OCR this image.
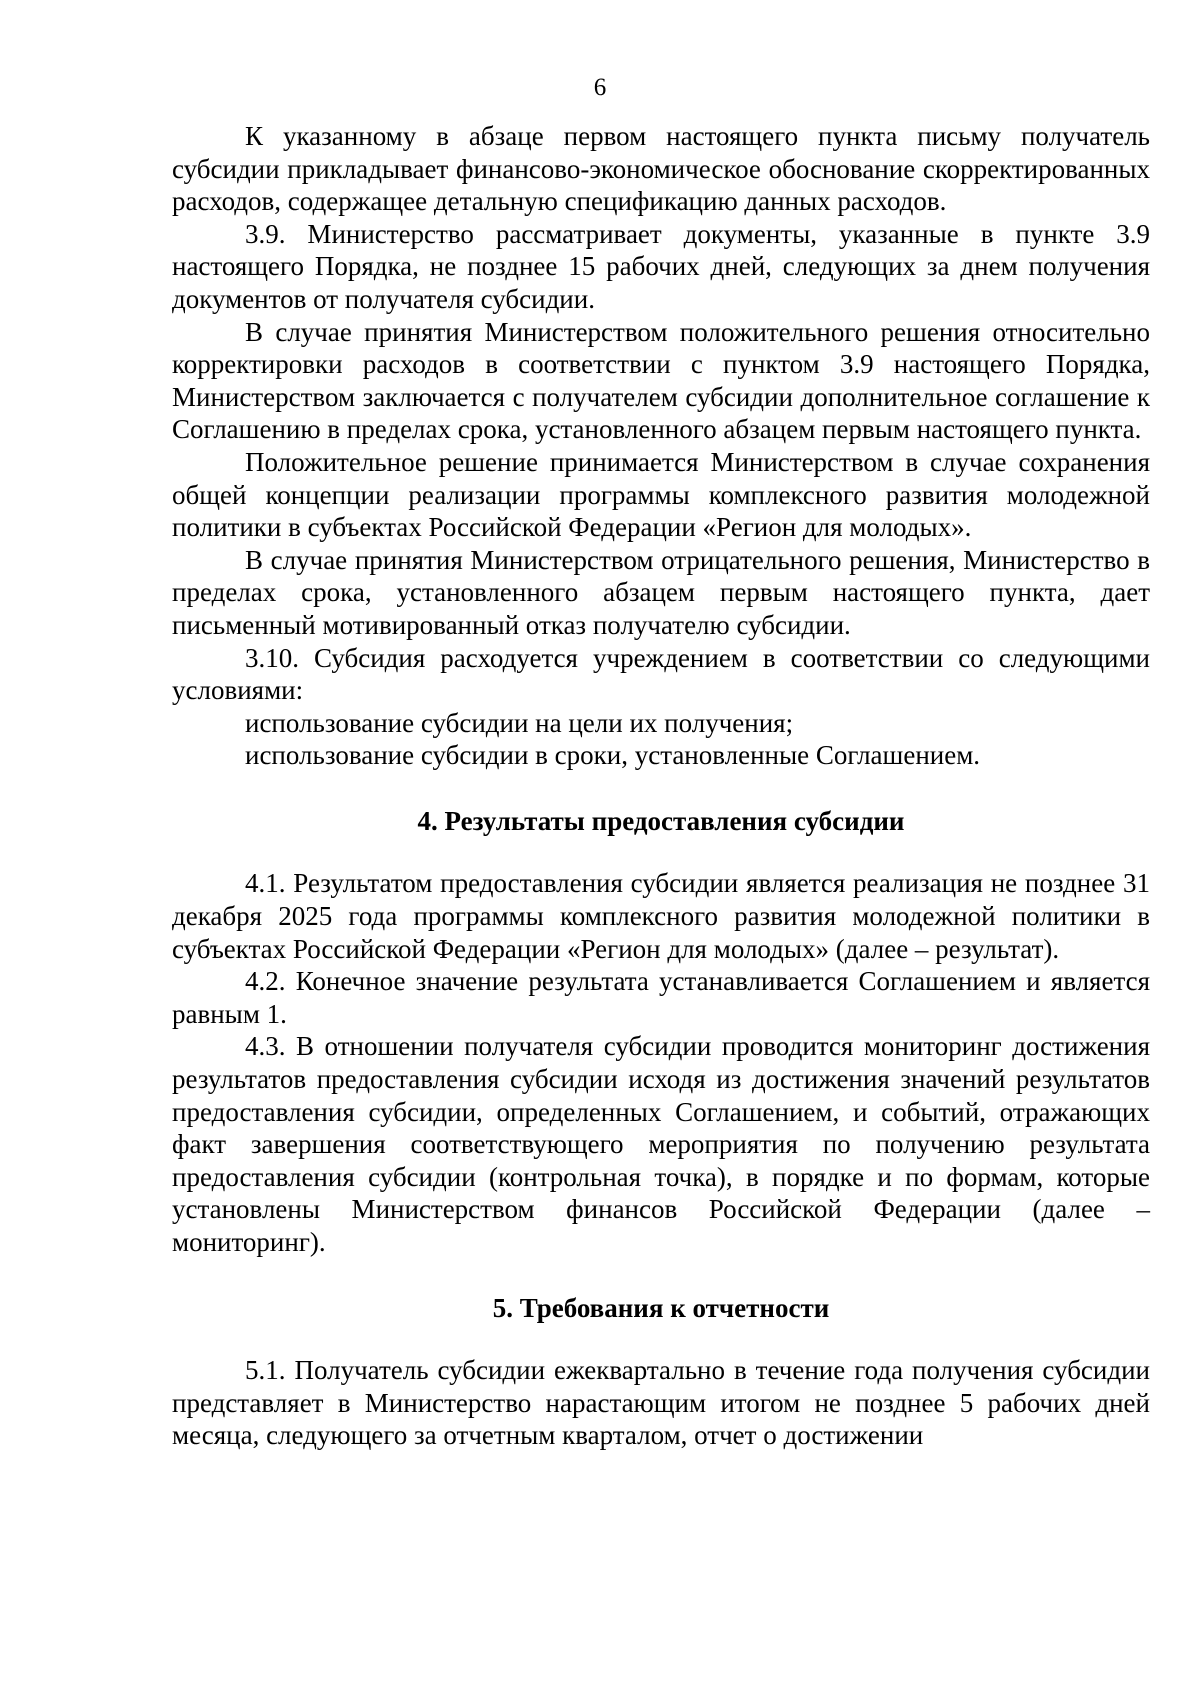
6

К указанному в абзаце первом настоящего пункта письму получатель субсидии прикладывает финансово-экономическое обоснование скорректированных расходов, содержащее детальную спецификацию данных расходов.

3.9. Министерство рассматривает документы, указанные в пункте 3.9 настоящего Порядка, не позднее 15 рабочих дней, следующих за днем получения документов от получателя субсидии.

В случае принятия Министерством положительного решения относительно корректировки расходов в соответствии с пунктом 3.9 настоящего Порядка, Министерством заключается с получателем субсидии дополнительное соглашение к Соглашению в пределах срока, установленного абзацем первым настоящего пункта.

Положительное решение принимается Министерством в случае сохранения общей концепции реализации программы комплексного развития молодежной политики в субъектах Российской Федерации «Регион для молодых».

В случае принятия Министерством отрицательного решения, Министерство в пределах срока, установленного абзацем первым настоящего пункта, дает письменный мотивированный отказ получателю субсидии.

3.10. Субсидия расходуется учреждением в соответствии со следующими условиями:

использование субсидии на цели их получения;

использование субсидии в сроки, установленные Соглашением.

4. Результаты предоставления субсидии

4.1. Результатом предоставления субсидии является реализация не позднее 31 декабря 2025 года программы комплексного развития молодежной политики в субъектах Российской Федерации «Регион для молодых» (далее – результат).

4.2. Конечное значение результата устанавливается Соглашением и является равным 1.

4.3. В отношении получателя субсидии проводится мониторинг достижения результатов предоставления субсидии исходя из достижения значений результатов предоставления субсидии, определенных Соглашением, и событий, отражающих факт завершения соответствующего мероприятия по получению результата предоставления субсидии (контрольная точка), в порядке и по формам, которые установлены Министерством финансов Российской Федерации (далее – мониторинг).

5. Требования к отчетности

5.1. Получатель субсидии ежеквартально в течение года получения субсидии представляет в Министерство нарастающим итогом не позднее 5 рабочих дней месяца, следующего за отчетным кварталом, отчет о достижении
